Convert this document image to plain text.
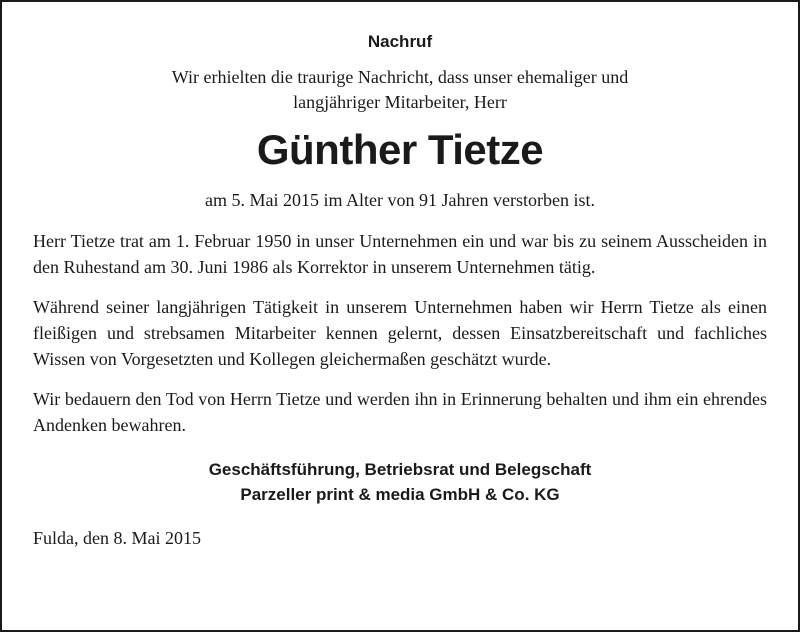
Nachruf

Wir erhielten die traurige Nachricht, dass unser ehemaliger und
langjähriger Mitarbeiter, Herr

Günther Tietze

am 5. Mai 2015 im Alter von 91 Jahren verstorben ist.

Herr Tietze trat am 1. Februar 1950 in unser Unternehmen ein und war bis zu seinem Ausscheiden in den Ruhestand am 30. Juni 1986 als Korrektor in unserem Unternehmen tätig.

Während seiner langjährigen Tätigkeit in unserem Unternehmen haben wir Herrn Tietze als einen fleißigen und strebsamen Mitarbeiter kennen gelernt, dessen Einsatzbereitschaft und fachliches Wissen von Vorgesetzten und Kollegen gleichermaßen geschätzt wurde.

Wir bedauern den Tod von Herrn Tietze und werden ihn in Erinnerung behalten und ihm ein ehrendes Andenken bewahren.

Geschäftsführung, Betriebsrat und Belegschaft

Parzeller print & media GmbH & Co. KG

Fulda, den 8. Mai 2015
